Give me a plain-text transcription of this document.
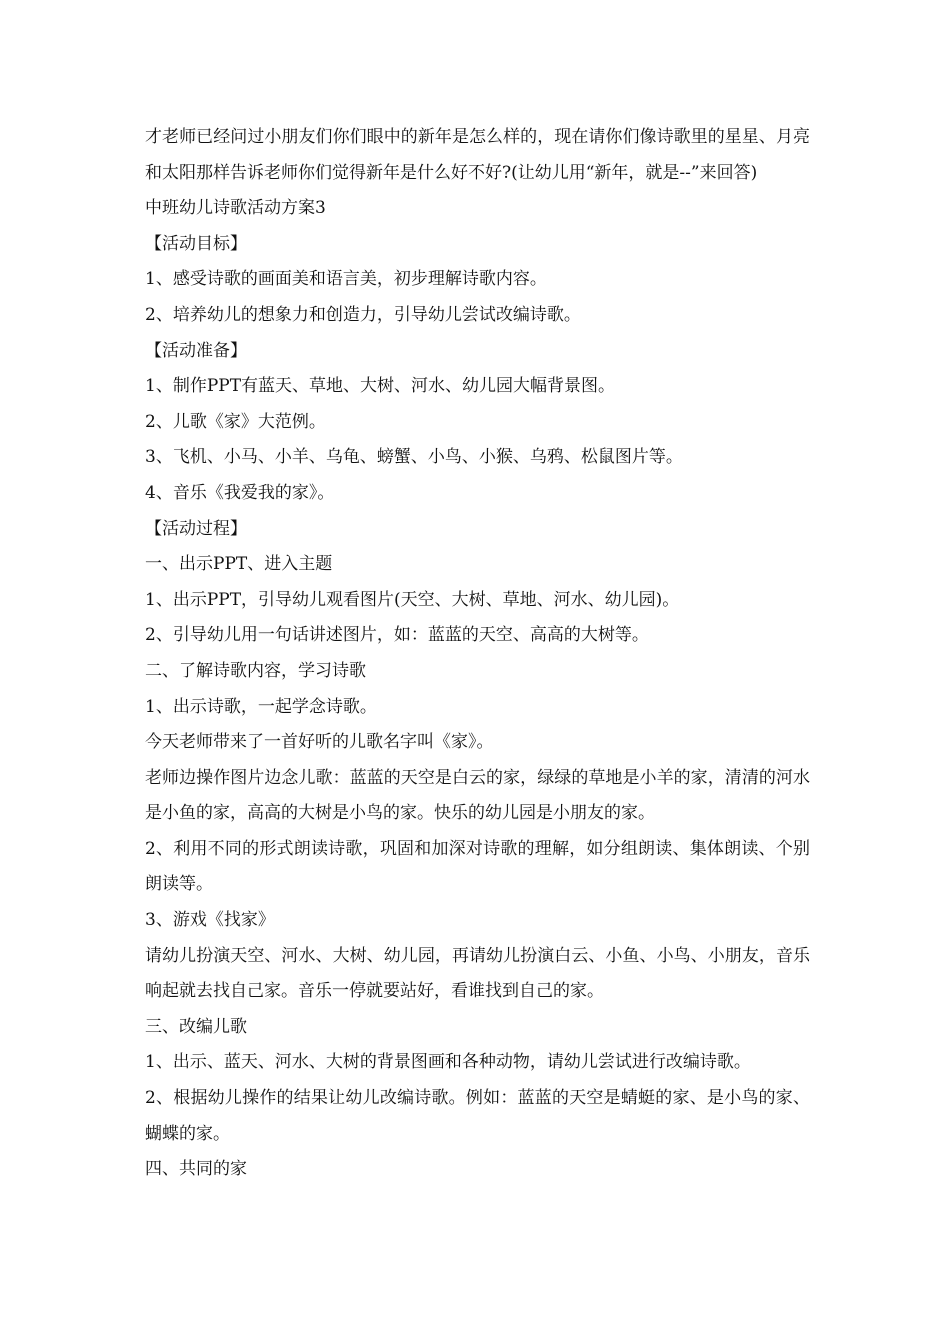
才老师已经问过小朋友们你们眼中的新年是怎么样的，现在请你们像诗歌里的星星、月亮和太阳那样告诉老师你们觉得新年是什么好不好?(让幼儿用“新年，就是--”来回答)

中班幼儿诗歌活动方案3

【活动目标】

1、感受诗歌的画面美和语言美，初步理解诗歌内容。

2、培养幼儿的想象力和创造力，引导幼儿尝试改编诗歌。

【活动准备】

1、制作PPT有蓝天、草地、大树、河水、幼儿园大幅背景图。

2、儿歌《家》大范例。

3、飞机、小马、小羊、乌龟、螃蟹、小鸟、小猴、乌鸦、松鼠图片等。

4、音乐《我爱我的家》。

【活动过程】

一、出示PPT、进入主题

1、出示PPT，引导幼儿观看图片(天空、大树、草地、河水、幼儿园)。

2、引导幼儿用一句话讲述图片，如：蓝蓝的天空、高高的大树等。

二、了解诗歌内容，学习诗歌

1、出示诗歌，一起学念诗歌。

今天老师带来了一首好听的儿歌名字叫《家》。

老师边操作图片边念儿歌：蓝蓝的天空是白云的家，绿绿的草地是小羊的家，清清的河水是小鱼的家，高高的大树是小鸟的家。快乐的幼儿园是小朋友的家。

2、利用不同的形式朗读诗歌，巩固和加深对诗歌的理解，如分组朗读、集体朗读、个别朗读等。

3、游戏《找家》

请幼儿扮演天空、河水、大树、幼儿园，再请幼儿扮演白云、小鱼、小鸟、小朋友，音乐响起就去找自己家。音乐一停就要站好，看谁找到自己的家。

三、改编儿歌

1、出示、蓝天、河水、大树的背景图画和各种动物，请幼儿尝试进行改编诗歌。

2、根据幼儿操作的结果让幼儿改编诗歌。例如：蓝蓝的天空是蜻蜓的家、是小鸟的家、蝴蝶的家。

四、共同的家
